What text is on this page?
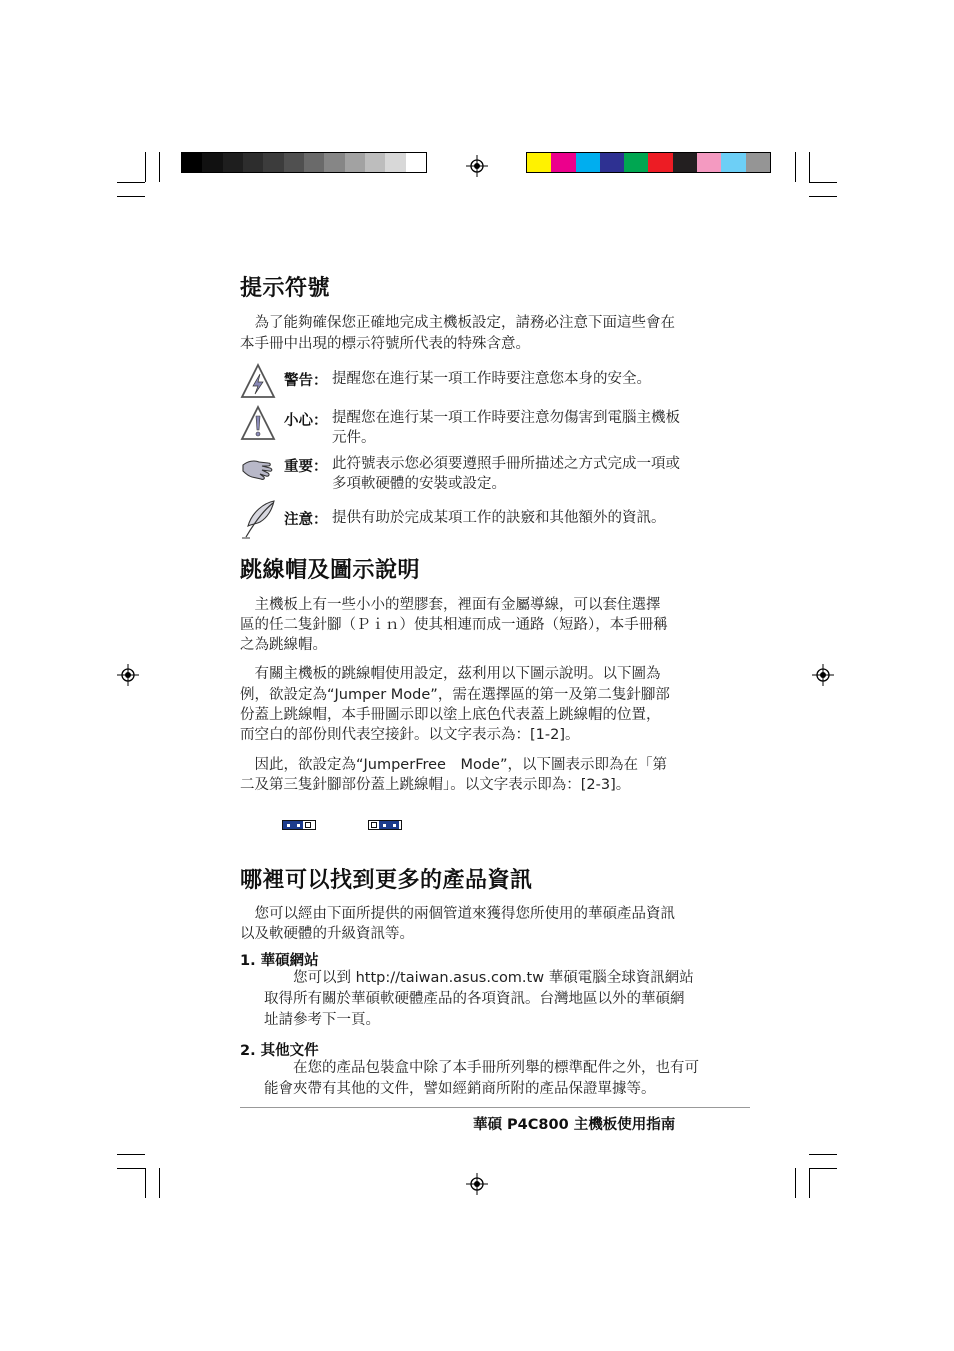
提示符號
　為了能夠確保您正確地完成主機板設定，請務必注意下面這些會在
本手冊中出現的標示符號所代表的特殊含意。
警告： 提醒您在進行某一項工作時要注意您本身的安全。
小心： 提醒您在進行某一項工作時要注意勿傷害到電腦主機板
元件。
重要： 此符號表示您必須要遵照手冊所描述之方式完成一項或
多項軟硬體的安裝或設定。
注意： 提供有助於完成某項工作的訣竅和其他額外的資訊。
跳線帽及圖示說明
　主機板上有一些小小的塑膠套，裡面有金屬導線，可以套住選擇
區的任二隻針腳（Ｐｉｎ）使其相連而成一通路（短路），本手冊稱
之為跳線帽。
　有關主機板的跳線帽使用設定，茲利用以下圖示說明。以下圖為
例，欲設定為“Jumper Mode”，需在選擇區的第一及第二隻針腳部
份蓋上跳線帽，本手冊圖示即以塗上底色代表蓋上跳線帽的位置，
而空白的部份則代表空接針。以文字表示為：[1-2]。
　因此，欲設定為“JumperFree　Mode”，以下圖表示即為在「第
二及第三隻針腳部份蓋上跳線帽」。以文字表示即為：[2-3]。
哪裡可以找到更多的產品資訊
　您可以經由下面所提供的兩個管道來獲得您所使用的華碩產品資訊
以及軟硬體的升級資訊等。
1. 華碩網站
　　您可以到 http://taiwan.asus.com.tw 華碩電腦全球資訊網站
取得所有關於華碩軟硬體產品的各項資訊。台灣地區以外的華碩網
址請參考下一頁。
2. 其他文件
　　在您的產品包裝盒中除了本手冊所列舉的標準配件之外，也有可
能會夾帶有其他的文件，譬如經銷商所附的產品保證單據等。
華碩 P4C800 主機板使用指南
